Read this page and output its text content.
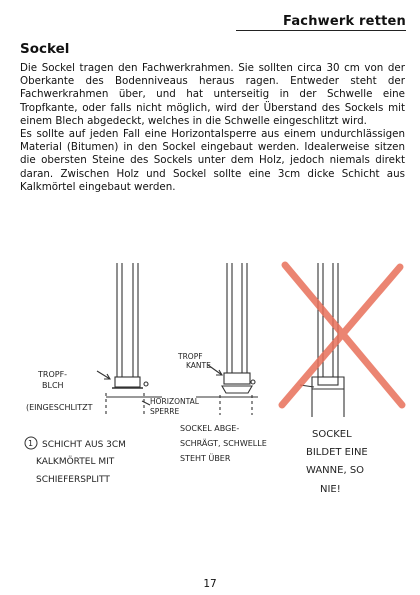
Fachwerk retten
Sockel

Die Sockel tragen den Fachwerkrahmen. Sie sollten circa 30 cm von der Oberkante des Bodenniveaus heraus ragen. Entweder steht der Fachwerkrahmen über, und hat unterseitig in der Schwelle eine Tropfkante, oder falls nicht möglich, wird der Überstand des Sockels mit einem Blech abgedeckt, welches in die Schwelle eingeschlitzt wird.

Es sollte auf jeden Fall eine Horizontalsperre aus einem undurchlässigen Material (Bitumen) in den Sockel eingebaut werden. Idealerweise sitzen die obersten Steine des Sockels unter dem Holz, jedoch niemals direkt daran. Zwischen Holz und Sockel sollte eine 3cm dicke Schicht aus Kalkmörtel eingebaut werden.

TROPF-
BLCH
(EINGESCHLITZT
HORIZONTAL
SPERRE
TROPF
KANTE
1 SCHICHT AUS 3CM
KALKMÖRTEL MIT
SCHIEFERSPLITT
SOCKEL ABGE-
SCHRÄGT, SCHWELLE
STEHT ÜBER
SOCKEL
BILDET EINE
WANNE, SO
NIE!
17
